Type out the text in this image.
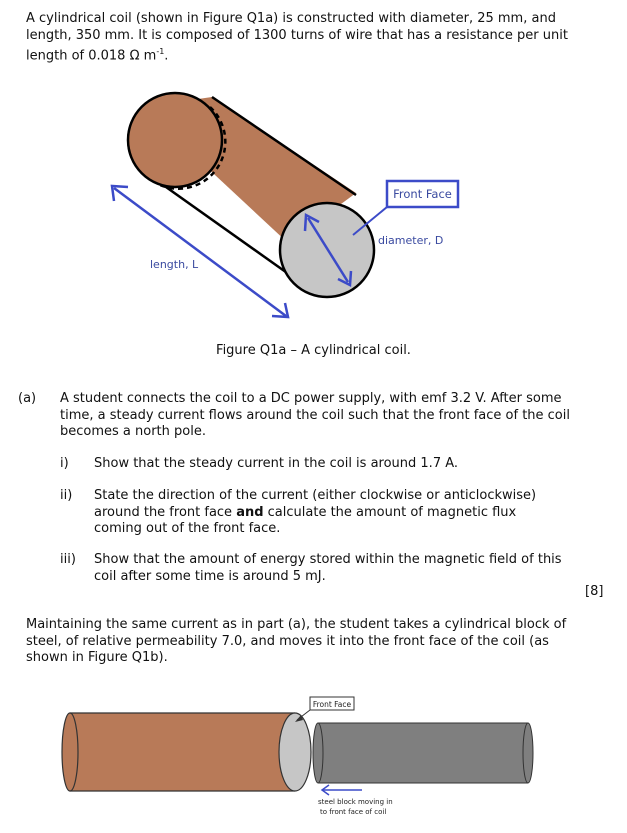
A cylindrical coil (shown in Figure Q1a) is constructed with diameter, 25 mm, and length, 350 mm. It is composed of 1300 turns of wire that has a resistance per unit length of 0.018 Ω $m^{-1}$.
Front Face
diameter, D
length, L
Figure Q1a – A cylindrical coil.
(a) A student connects the coil to a DC power supply, with emf 3.2 V. After some time, a steady current flows around the coil such that the front face of the coil becomes a north pole.
i) Show that the steady current in the coil is around 1.7 A.
ii) State the direction of the current (either clockwise or anticlockwise) around the front face and calculate the amount of magnetic flux coming out of the front face.
iii) Show that the amount of energy stored within the magnetic field of this coil after some time is around 5 mJ.
[8]
Maintaining the same current as in part (a), the student takes a cylindrical block of steel, of relative permeability 7.0, and moves it into the front face of the coil (as shown in Figure Q1b).
Front Face
steel block moving in
to front face of coil
